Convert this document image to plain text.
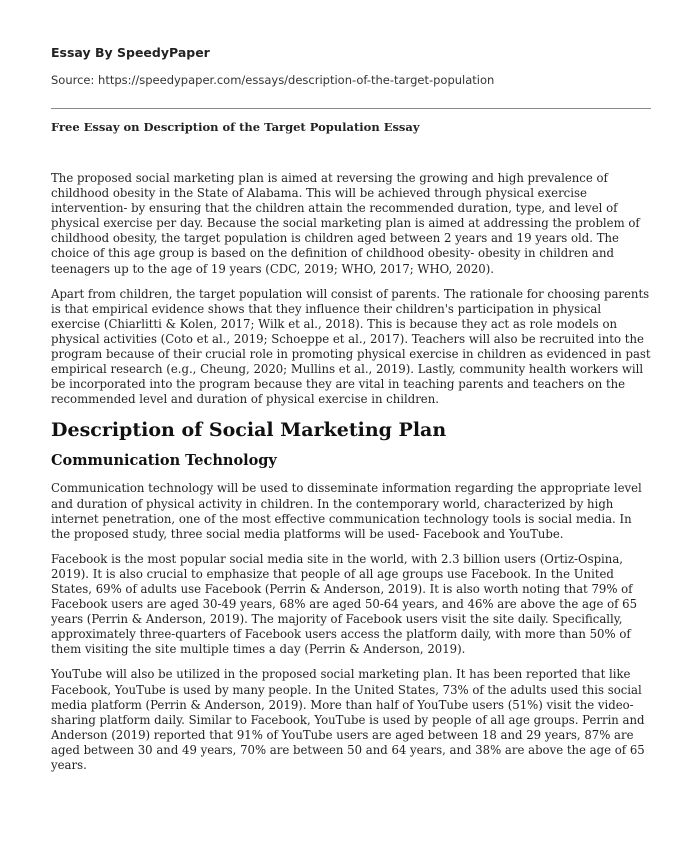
Essay By SpeedyPaper
Source: https://speedypaper.com/essays/description-of-the-target-population
Free Essay on Description of the Target Population Essay

The proposed social marketing plan is aimed at reversing the growing and high prevalence of childhood obesity in the State of Alabama. This will be achieved through physical exercise intervention- by ensuring that the children attain the recommended duration, type, and level of physical exercise per day. Because the social marketing plan is aimed at addressing the problem of childhood obesity, the target population is children aged between 2 years and 19 years old. The choice of this age group is based on the definition of childhood obesity- obesity in children and teenagers up to the age of 19 years (CDC, 2019; WHO, 2017; WHO, 2020).

Apart from children, the target population will consist of parents. The rationale for choosing parents is that empirical evidence shows that they influence their children's participation in physical exercise (Chiarlitti & Kolen, 2017; Wilk et al., 2018). This is because they act as role models on physical activities (Coto et al., 2019; Schoeppe et al., 2017). Teachers will also be recruited into the program because of their crucial role in promoting physical exercise in children as evidenced in past empirical research (e.g., Cheung, 2020; Mullins et al., 2019). Lastly, community health workers will be incorporated into the program because they are vital in teaching parents and teachers on the recommended level and duration of physical exercise in children.

Description of Social Marketing Plan
Communication Technology

Communication technology will be used to disseminate information regarding the appropriate level and duration of physical activity in children. In the contemporary world, characterized by high internet penetration, one of the most effective communication technology tools is social media. In the proposed study, three social media platforms will be used- Facebook and YouTube.

Facebook is the most popular social media site in the world, with 2.3 billion users (Ortiz-Ospina, 2019). It is also crucial to emphasize that people of all age groups use Facebook. In the United States, 69% of adults use Facebook (Perrin & Anderson, 2019). It is also worth noting that 79% of Facebook users are aged 30-49 years, 68% are aged 50-64 years, and 46% are above the age of 65 years (Perrin & Anderson, 2019). The majority of Facebook users visit the site daily. Specifically, approximately three-quarters of Facebook users access the platform daily, with more than 50% of them visiting the site multiple times a day (Perrin & Anderson, 2019).

YouTube will also be utilized in the proposed social marketing plan. It has been reported that like Facebook, YouTube is used by many people. In the United States, 73% of the adults used this social media platform (Perrin & Anderson, 2019). More than half of YouTube users (51%) visit the video-sharing platform daily. Similar to Facebook, YouTube is used by people of all age groups. Perrin and Anderson (2019) reported that 91% of YouTube users are aged between 18 and 29 years, 87% are aged between 30 and 49 years, 70% are between 50 and 64 years, and 38% are above the age of 65 years.
